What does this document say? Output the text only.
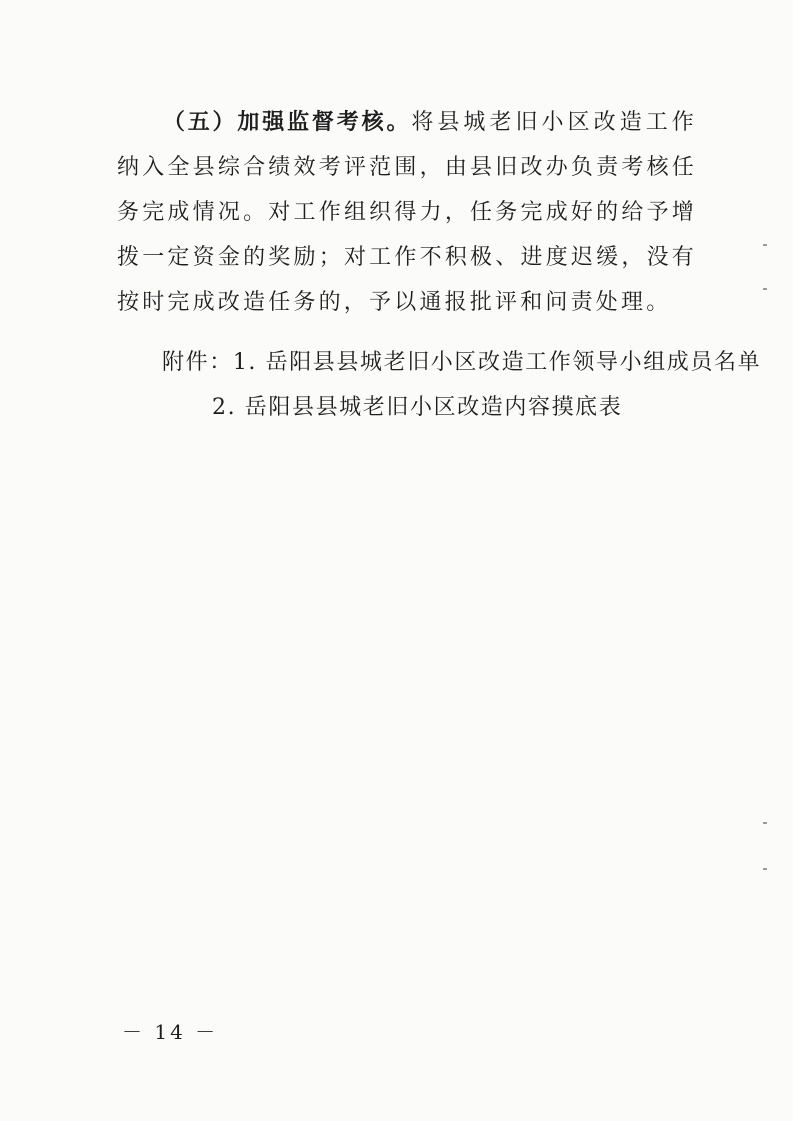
（五）加强监督考核。将县城老旧小区改造工作纳入全县综合绩效考评范围，由县旧改办负责考核任务完成情况。对工作组织得力，任务完成好的给予增拨一定资金的奖励；对工作不积极、进度迟缓，没有按时完成改造任务的，予以通报批评和问责处理。

附件：1. 岳阳县县城老旧小区改造工作领导小组成员名单
2. 岳阳县县城老旧小区改造内容摸底表
－ 14 －
